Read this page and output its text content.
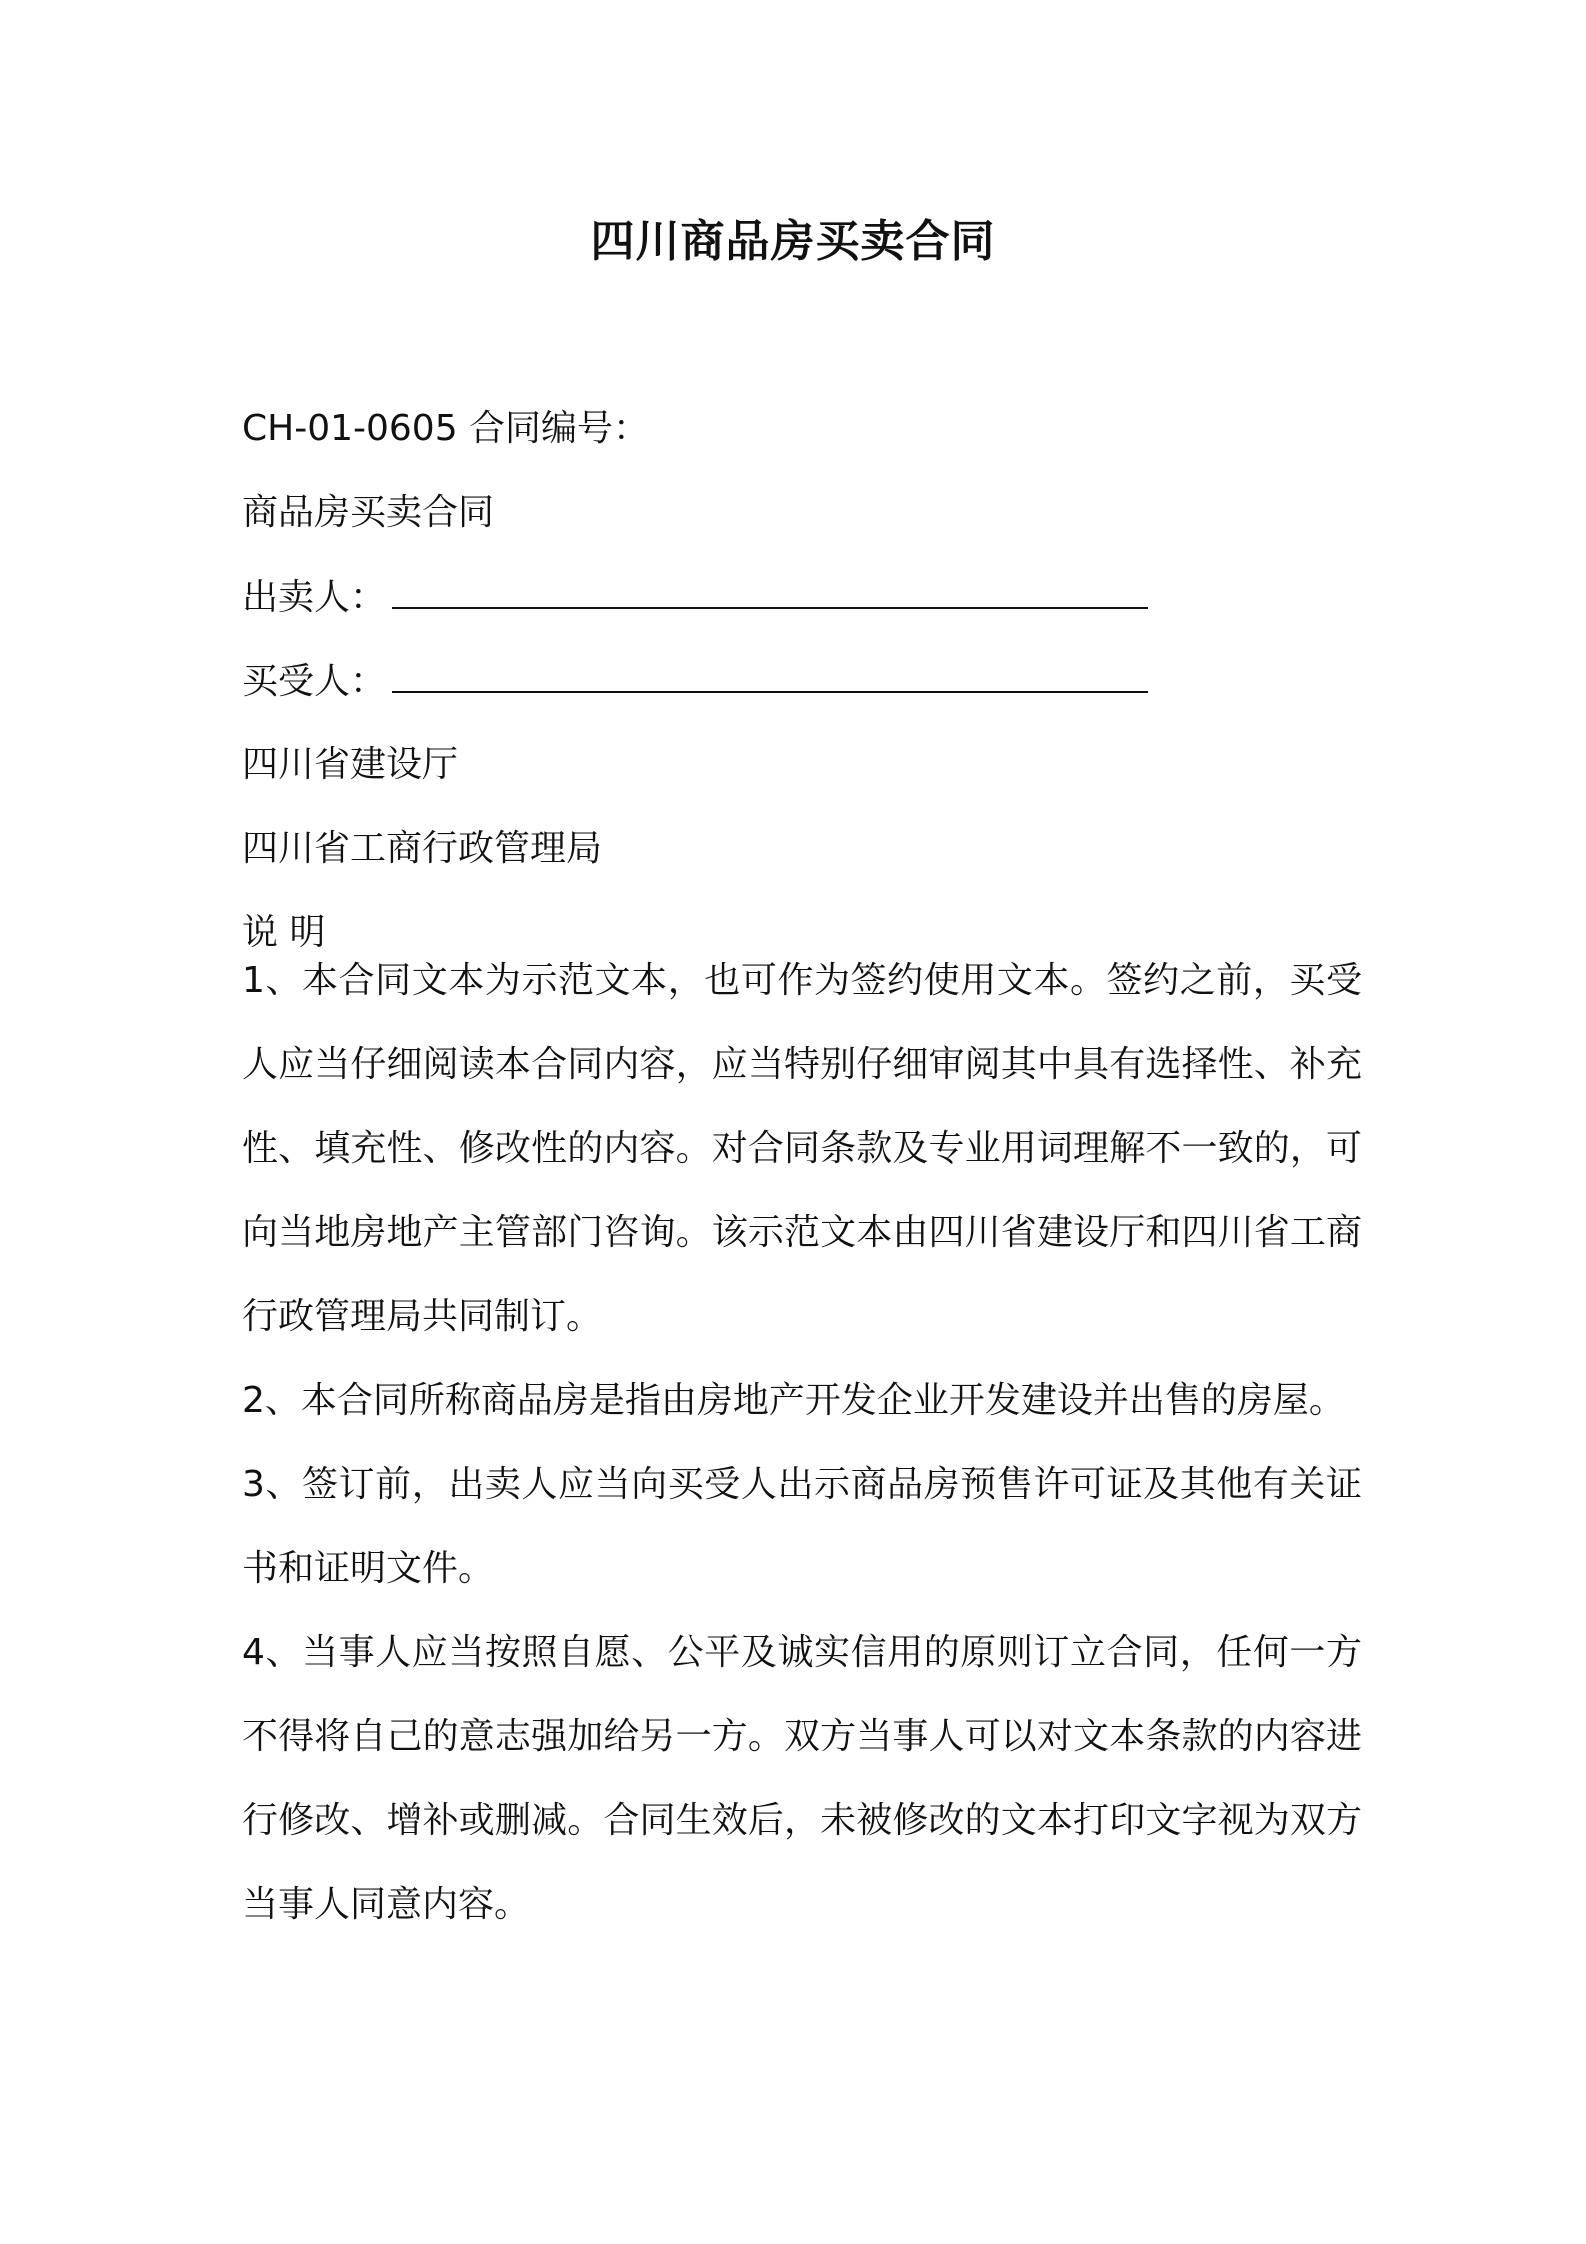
四川商品房买卖合同

CH-01-0605 合同编号：

商品房买卖合同

出卖人：

买受人：

四川省建设厅

四川省工商行政管理局

说 明

1、本合同文本为示范文本，也可作为签约使用文本。签约之前，买受人应当仔细阅读本合同内容，应当特别仔细审阅其中具有选择性、补充性、填充性、修改性的内容。对合同条款及专业用词理解不一致的，可向当地房地产主管部门咨询。该示范文本由四川省建设厅和四川省工商行政管理局共同制订。

2、本合同所称商品房是指由房地产开发企业开发建设并出售的房屋。

3、签订前，出卖人应当向买受人出示商品房预售许可证及其他有关证书和证明文件。

4、当事人应当按照自愿、公平及诚实信用的原则订立合同，任何一方不得将自己的意志强加给另一方。双方当事人可以对文本条款的内容进行修改、增补或删减。合同生效后，未被修改的文本打印文字视为双方当事人同意内容。
